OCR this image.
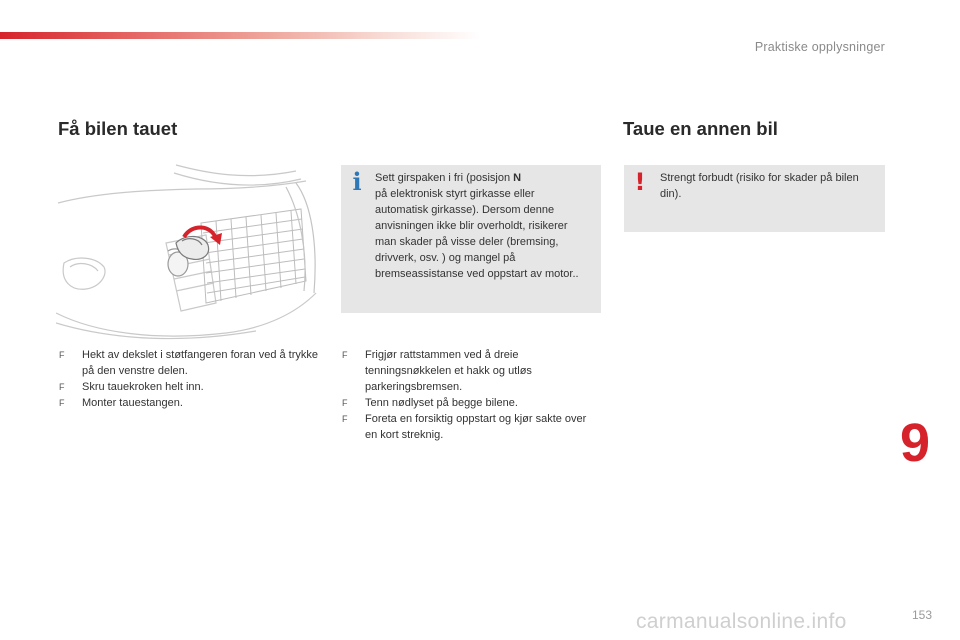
Praktiske opplysninger
Få bilen tauet	Taue en annen bil
i Sett girspaken i fri (posisjon N
på elektronisk styrt girkasse eller automatisk girkasse). Dersom denne anvisningen ikke blir overholdt, risikerer man skader på visse deler (bremsing, drivverk, osv. ) og mangel på bremseassistanse ved oppstart av motor..
! Strengt forbudt (risiko for skader på bilen din).
F Hekt av dekslet i støtfangeren foran ved å trykke på den venstre delen.
F Skru tauekroken helt inn.
F Monter tauestangen.
F Frigjør rattstammen ved å dreie tenningsnøkkelen et hakk og utløs parkeringsbremsen.
F Tenn nødlyset på begge bilene.
F Foreta en forsiktig oppstart og kjør sakte over en kort streknig.	9
carmanualsonline.info	153
